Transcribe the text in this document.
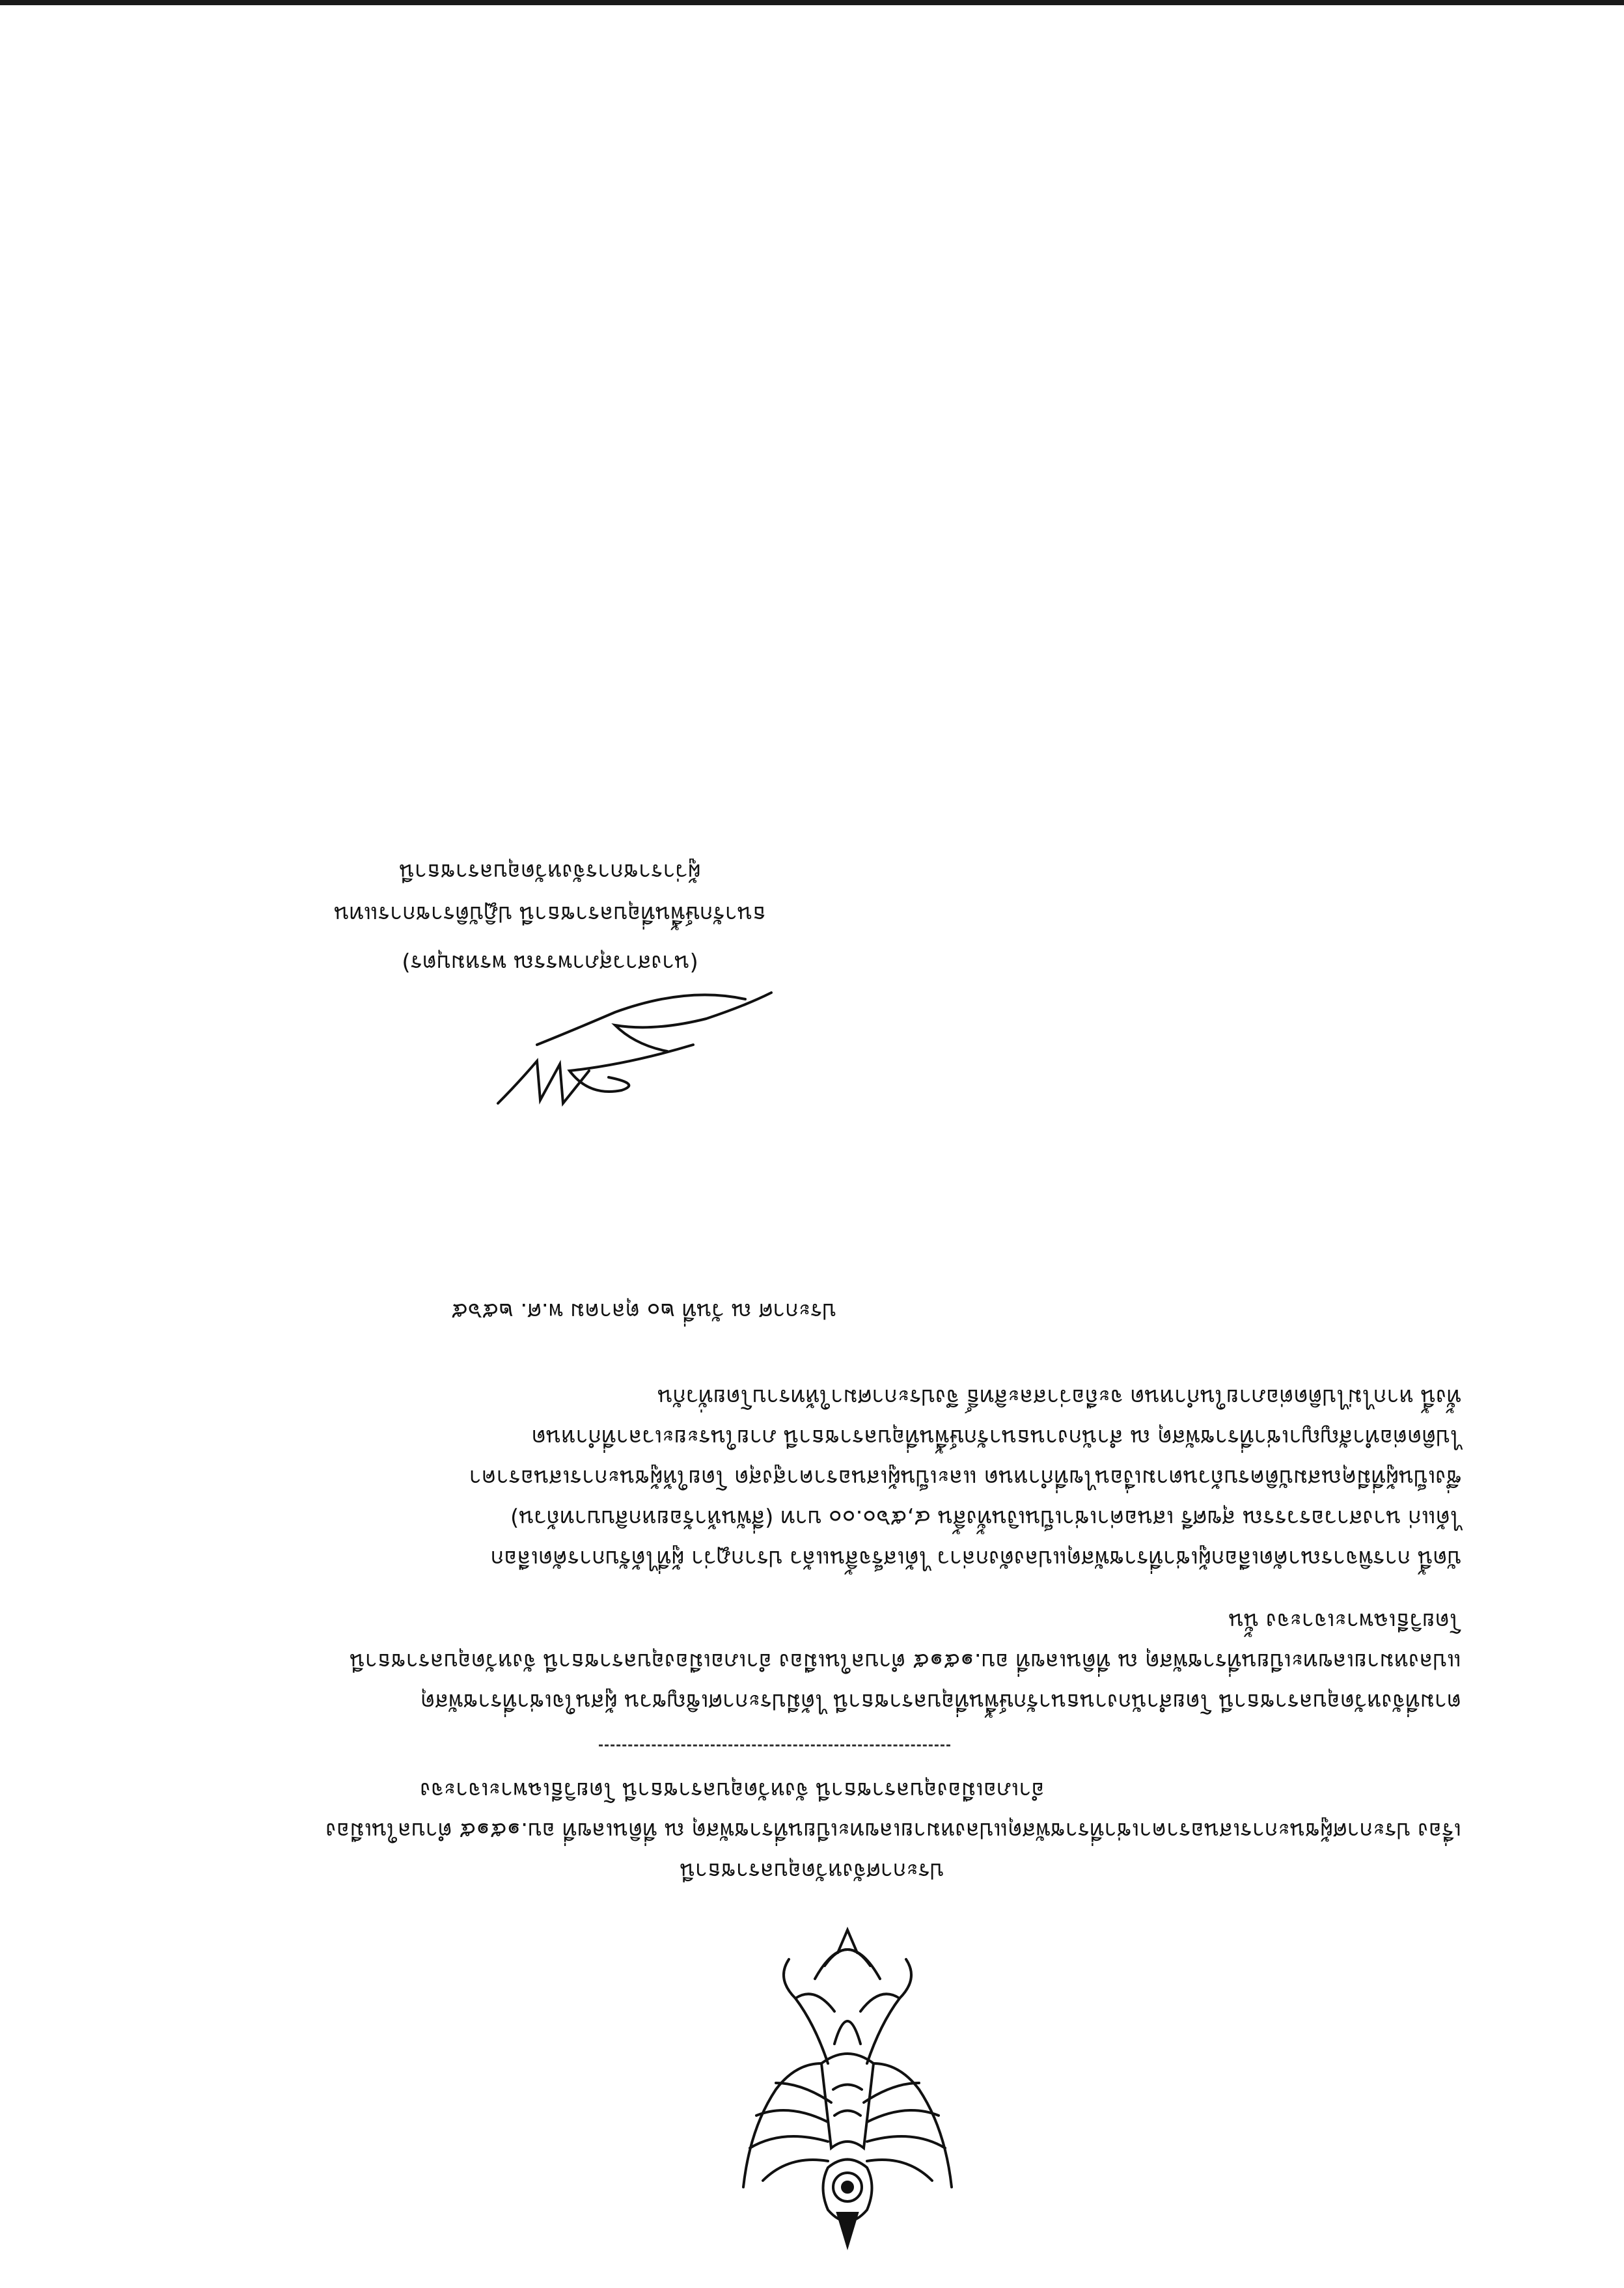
ประกาศจังหวัดอุบลราชธานี
เรื่อง ประกาศผู้ชนะการเสนอราคาเช่าที่ราชพัสดุแปลงหมายเลขทะเบียนที่ราชพัสดุ ณ ที่ดินเลขที่ อบ.๑๕๑๕ ตำบลในเมือง
อำเภอเมืองอุบลราชธานี จังหวัดอุบลราชธานี โดยวิธีเฉพาะเจาะจง
ตามที่จังหวัดอุบลราชธานี โดยสำนักงานธนารักษ์พื้นที่อุบลราชธานี ได้มีประกาศเชิญชวน ผู้สนใจเช่าที่ราชพัสดุ
แปลงหมายเลขทะเบียนที่ราชพัสดุ ณ ที่ดินเลขที่ อบ.๑๕๑๕ ตำบลในเมือง อำเภอเมืองอุบลราชธานี จังหวัดอุบลราชธานี
โดยวิธีเฉพาะเจาะจง นั้น
บัดนี้ การพิจารณาคัดเลือกผู้เช่าที่ราชพัสดุแปลงดังกล่าว ได้เสร็จสิ้นแล้ว ปรากฏว่า ผู้ที่ได้รับการคัดเลือก
ได้แก่ นางสาวอรวรรณ สุขศรี เสนอค่าเช่าเป็นเงินทั้งสิ้น ๔,๕๖๐.๐๐ บาท (สี่พันห้าร้อยหกสิบบาทถ้วน)
ซึ่งเป็นผู้ที่มีคุณสมบัติครบถ้วนตามเงื่อนไขที่กำหนด และเป็นผู้เสนอราคาสูงสุด โดยให้ผู้ชนะการเสนอราคา
ไปติดต่อทำสัญญาเช่าที่ราชพัสดุ ณ สำนักงานธนารักษ์พื้นที่อุบลราชธานี ภายในระยะเวลาที่กำหนด
ทั้งนี้ หากไม่ไปติดต่อภายในกำหนด จะถือว่าสละสิทธิ์ จึงประกาศมาให้ทราบโดยทั่วกัน
ประกาศ ณ วันที่ ๒๐ ตุลาคม พ.ศ. ๒๕๖๕
(นางสาวสุภาพรรณ พรหมบุตร)
ธนารักษ์พื้นที่อุบลราชธานี ปฏิบัติราชการแทน
ผู้ว่าราชการจังหวัดอุบลราชธานี
